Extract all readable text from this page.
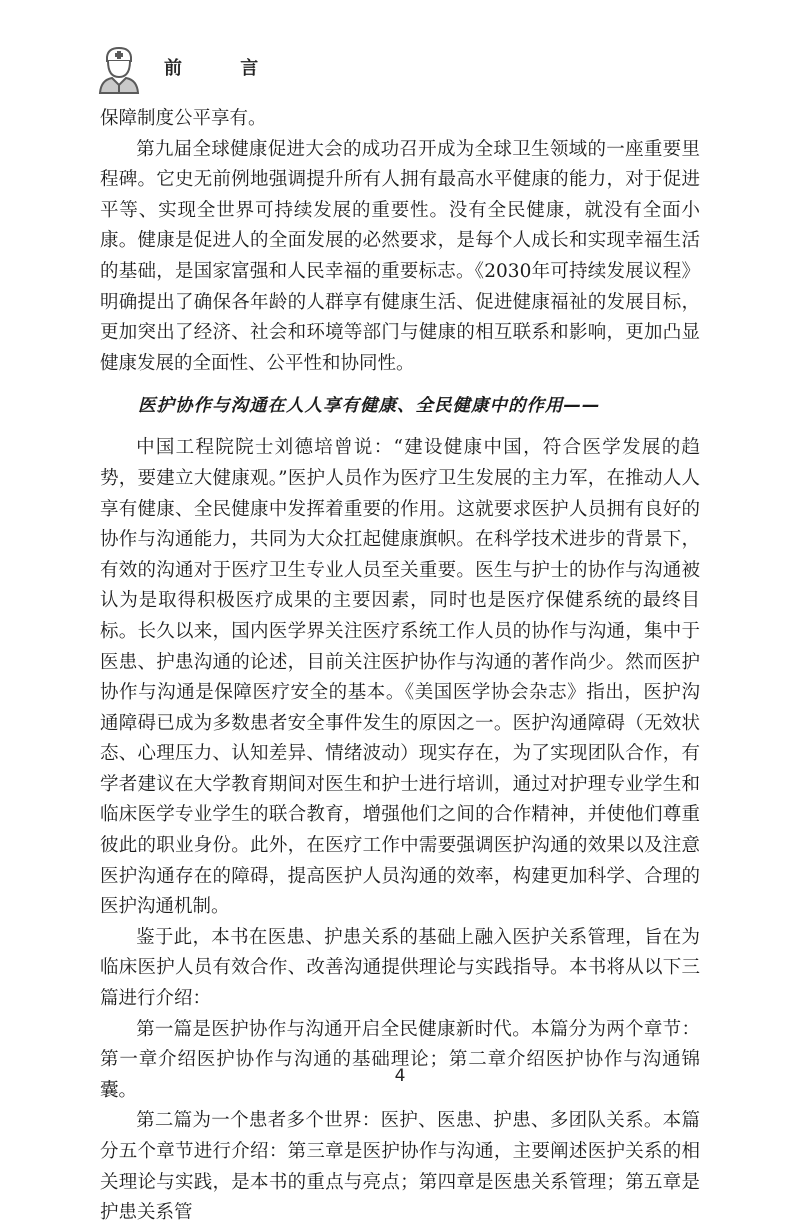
前 言

保障制度公平享有。

第九届全球健康促进大会的成功召开成为全球卫生领域的一座重要里程碑。它史无前例地强调提升所有人拥有最高水平健康的能力，对于促进平等、实现全世界可持续发展的重要性。没有全民健康，就没有全面小康。健康是促进人的全面发展的必然要求，是每个人成长和实现幸福生活的基础，是国家富强和人民幸福的重要标志。《2030年可持续发展议程》明确提出了确保各年龄的人群享有健康生活、促进健康福祉的发展目标，更加突出了经济、社会和环境等部门与健康的相互联系和影响，更加凸显健康发展的全面性、公平性和协同性。

医护协作与沟通在人人享有健康、全民健康中的作用——

中国工程院院士刘德培曾说：“建设健康中国，符合医学发展的趋势，要建立大健康观。”医护人员作为医疗卫生发展的主力军，在推动人人享有健康、全民健康中发挥着重要的作用。这就要求医护人员拥有良好的协作与沟通能力，共同为大众扛起健康旗帜。在科学技术进步的背景下，有效的沟通对于医疗卫生专业人员至关重要。医生与护士的协作与沟通被认为是取得积极医疗成果的主要因素，同时也是医疗保健系统的最终目标。长久以来，国内医学界关注医疗系统工作人员的协作与沟通，集中于医患、护患沟通的论述，目前关注医护协作与沟通的著作尚少。然而医护协作与沟通是保障医疗安全的基本。《美国医学协会杂志》指出，医护沟通障碍已成为多数患者安全事件发生的原因之一。医护沟通障碍（无效状态、心理压力、认知差异、情绪波动）现实存在，为了实现团队合作，有学者建议在大学教育期间对医生和护士进行培训，通过对护理专业学生和临床医学专业学生的联合教育，增强他们之间的合作精神，并使他们尊重彼此的职业身份。此外，在医疗工作中需要强调医护沟通的效果以及注意医护沟通存在的障碍，提高医护人员沟通的效率，构建更加科学、合理的医护沟通机制。

鉴于此，本书在医患、护患关系的基础上融入医护关系管理，旨在为临床医护人员有效合作、改善沟通提供理论与实践指导。本书将从以下三篇进行介绍：

第一篇是医护协作与沟通开启全民健康新时代。本篇分为两个章节：第一章介绍医护协作与沟通的基础理论；第二章介绍医护协作与沟通锦囊。

第二篇为一个患者多个世界：医护、医患、护患、多团队关系。本篇分五个章节进行介绍：第三章是医护协作与沟通，主要阐述医护关系的相关理论与实践，是本书的重点与亮点；第四章是医患关系管理；第五章是护患关系管

4
